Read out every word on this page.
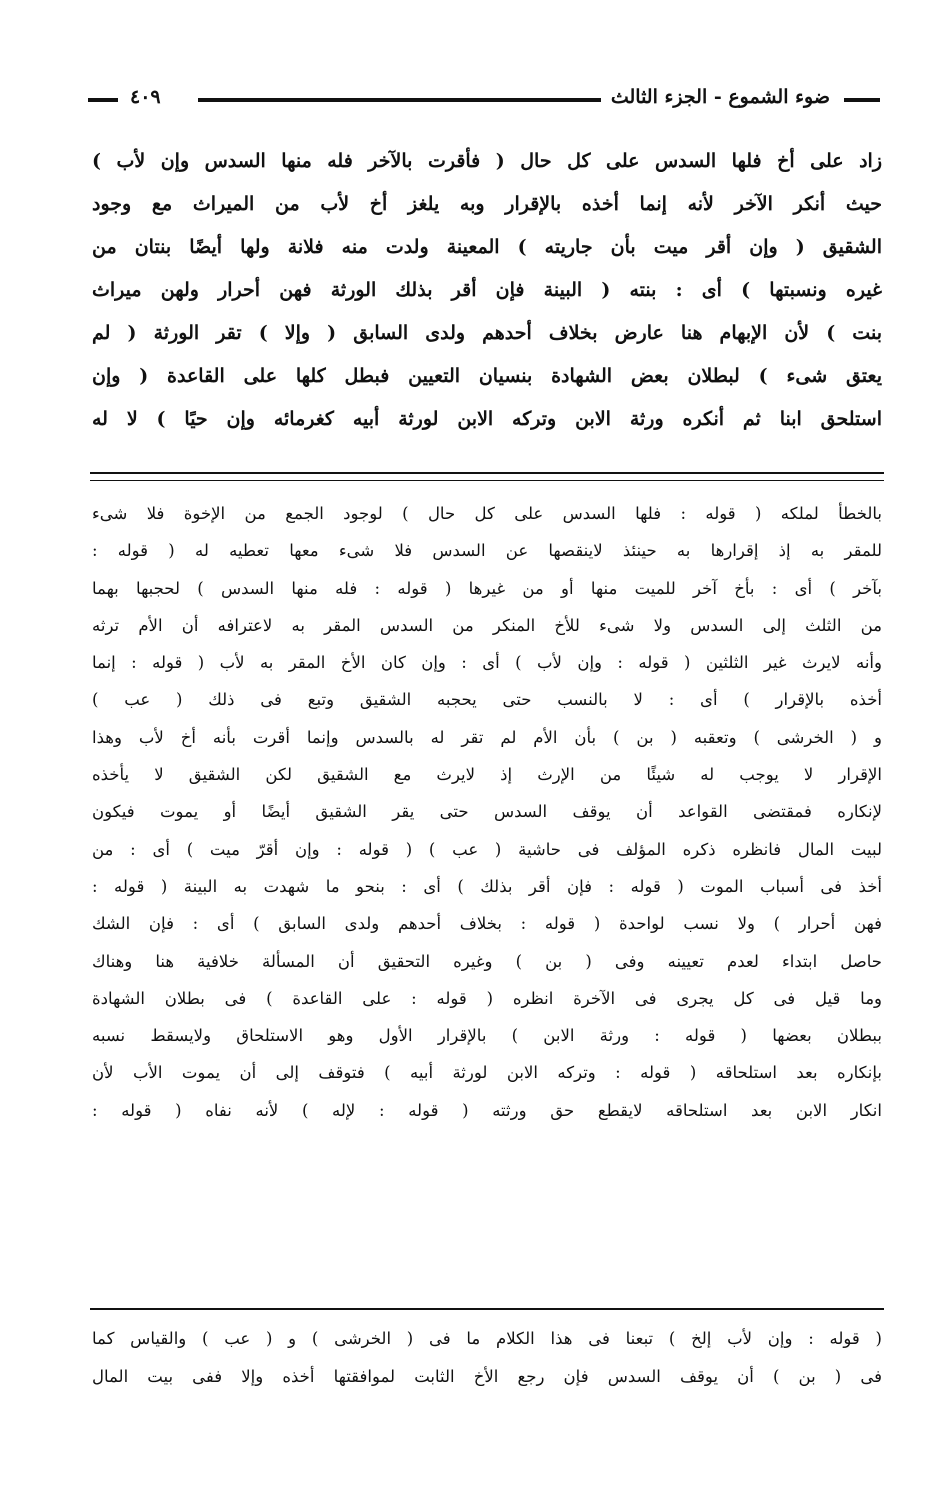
ضوء الشموع - الجزء الثالث
٤٠٩
زاد على أخ فلها السدس على كل حال ( فأقرت بالآخر فله منها السدس وإن لأب )
حيث أنكر الآخر لأنه إنما أخذه بالإقرار وبه يلغز أخ لأب من الميراث مع وجود
الشقيق ( وإن أقر ميت بأن جاريته ) المعينة ولدت منه فلانة ولها أيضًا بنتان من
غيره ونسبتها ) أى : بنته ( البينة فإن أقر بذلك الورثة فهن أحرار ولهن ميراث
بنت ) لأن الإبهام هنا عارض بخلاف أحدهم ولدى السابق ( وإلا ) تقر الورثة ( لم
يعتق شىء ) لبطلان بعض الشهادة بنسيان التعيين فبطل كلها على القاعدة ( وإن
استلحق ابنا ثم أنكره ورثة الابن وتركه الابن لورثة أبيه كغرمائه وإن حيًا ) لا له
بالخطأ لملكه ( قوله : فلها السدس على كل حال ) لوجود الجمع من الإخوة فلا شىء
للمقر به إذ إقرارها به حينئذ لاينقصها عن السدس فلا شىء معها تعطيه له ( قوله :
بآخر ) أى : بأخ آخر للميت منها أو من غيرها ( قوله : فله منها السدس ) لحجبها بهما
من الثلث إلى السدس ولا شىء للأخ المنكر من السدس المقر به لاعترافه أن الأم ترثه
وأنه لايرث غير الثلثين ( قوله : وإن لأب ) أى : وإن كان الأخ المقر به لأب ( قوله : إنما
أخذه بالإقرار ) أى : لا بالنسب حتى يحجبه الشقيق وتبع فى ذلك ( عب )
و ( الخرشى ) وتعقبه ( بن ) بأن الأم لم تقر له بالسدس وإنما أقرت بأنه أخ لأب وهذا
الإقرار لا يوجب له شيئًا من الإرث إذ لايرث مع الشقيق لكن الشقيق لا يأخذه
لإنكاره فمقتضى القواعد أن يوقف السدس حتى يقر الشقيق أيضًا أو يموت فيكون
لبيت المال فانظره ذكره المؤلف فى حاشية ( عب ) ( قوله : وإن أقرّ ميت ) أى : من
أخذ فى أسباب الموت ( قوله : فإن أقر بذلك ) أى : بنحو ما شهدت به البينة ( قوله :
فهن أحرار ) ولا نسب لواحدة ( قوله : بخلاف أحدهم ولدى السابق ) أى : فإن الشك
حاصل ابتداء لعدم تعيينه وفى ( بن ) وغيره التحقيق أن المسألة خلافية هنا وهناك
وما قيل فى كل يجرى فى الآخرة انظره ( قوله : على القاعدة ) فى بطلان الشهادة
ببطلان بعضها ( قوله : ورثة الابن ) بالإقرار الأول وهو الاستلحاق ولايسقط نسبه
بإنكاره بعد استلحاقه ( قوله : وتركه الابن لورثة أبيه ) فتوقف إلى أن يموت الأب لأن
انكار الابن بعد استلحاقه لايقطع حق ورثته ( قوله : لإله ) لأنه نفاه ( قوله :
( قوله : وإن لأب إلخ ) تبعنا فى هذا الكلام ما فى ( الخرشى ) و ( عب ) والقياس كما
فى ( بن ) أن يوقف السدس فإن رجع الأخ الثابت لموافقتها أخذه وإلا ففى بيت المال
